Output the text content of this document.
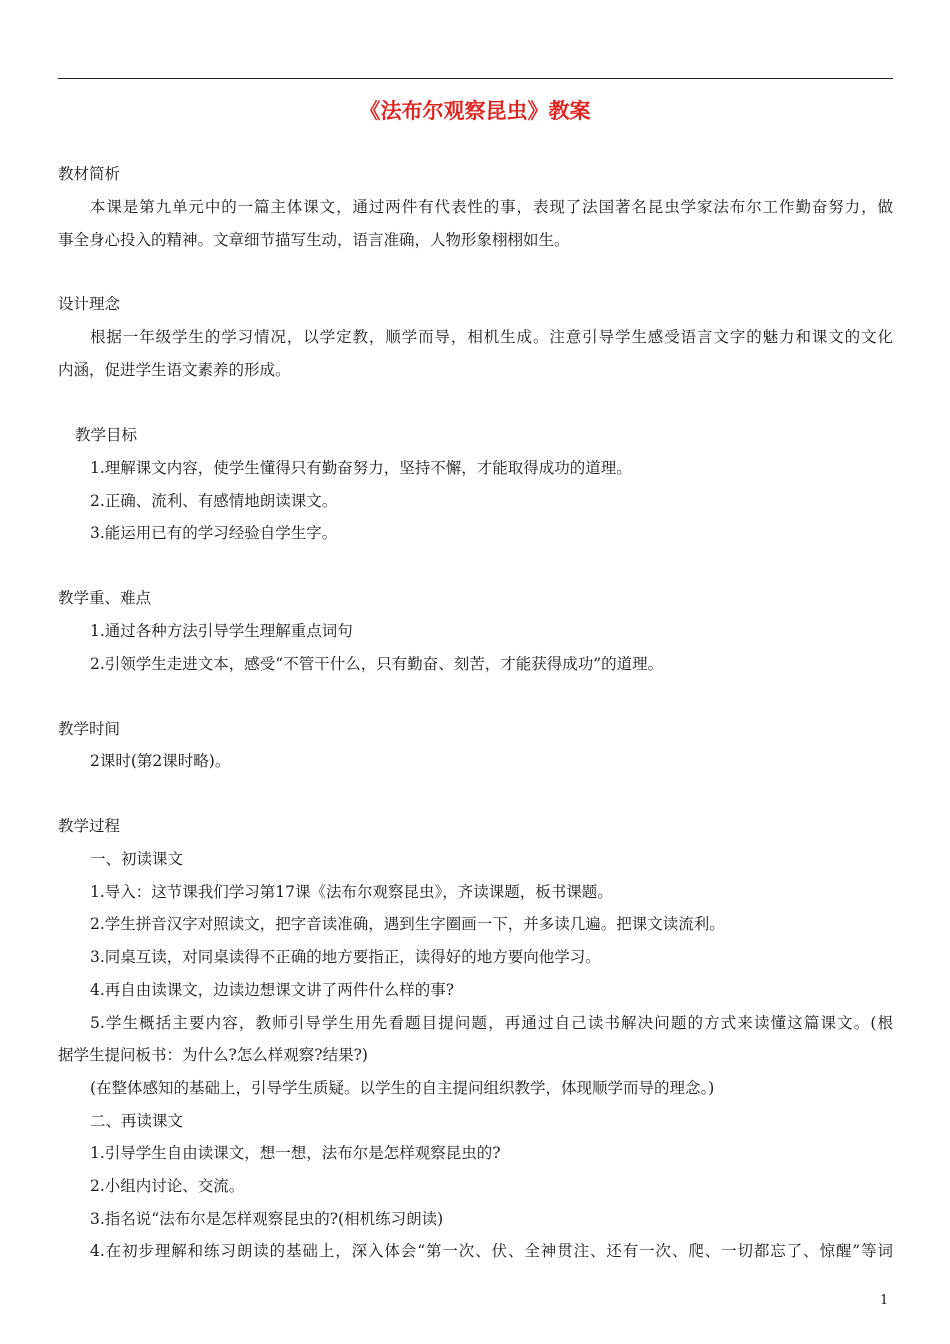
《法布尔观察昆虫》教案
教材简析
本课是第九单元中的一篇主体课文，通过两件有代表性的事，表现了法国著名昆虫学家法布尔工作勤奋努力，做
事全身心投入的精神。文章细节描写生动，语言准确，人物形象栩栩如生。
设计理念
根据一年级学生的学习情况，以学定教，顺学而导，相机生成。注意引导学生感受语言文字的魅力和课文的文化
内涵，促进学生语文素养的形成。
教学目标
1.理解课文内容，使学生懂得只有勤奋努力，坚持不懈，才能取得成功的道理。
2.正确、流利、有感情地朗读课文。
3.能运用已有的学习经验自学生字。
教学重、难点
1.通过各种方法引导学生理解重点词句
2.引领学生走进文本，感受“不管干什么，只有勤奋、刻苦，才能获得成功”的道理。
教学时间
2课时(第2课时略)。
教学过程
一、初读课文
1.导入：这节课我们学习第17课《法布尔观察昆虫》，齐读课题，板书课题。
2.学生拼音汉字对照读文，把字音读准确，遇到生字圈画一下，并多读几遍。把课文读流利。
3.同桌互读，对同桌读得不正确的地方要指正，读得好的地方要向他学习。
4.再自由读课文，边读边想课文讲了两件什么样的事?
5.学生概括主要内容，教师引导学生用先看题目提问题，再通过自己读书解决问题的方式来读懂这篇课文。(根
据学生提问板书：为什么?怎么样观察?结果?)
(在整体感知的基础上，引导学生质疑。以学生的自主提问组织教学，体现顺学而导的理念。)
二、再读课文
1.引导学生自由读课文，想一想，法布尔是怎样观察昆虫的?
2.小组内讨论、交流。
3.指名说“法布尔是怎样观察昆虫的?(相机练习朗读)
4.在初步理解和练习朗读的基础上，深入体会“第一次、伏、全神贯注、还有一次、爬、一切都忘了、惊醒”等词
1
